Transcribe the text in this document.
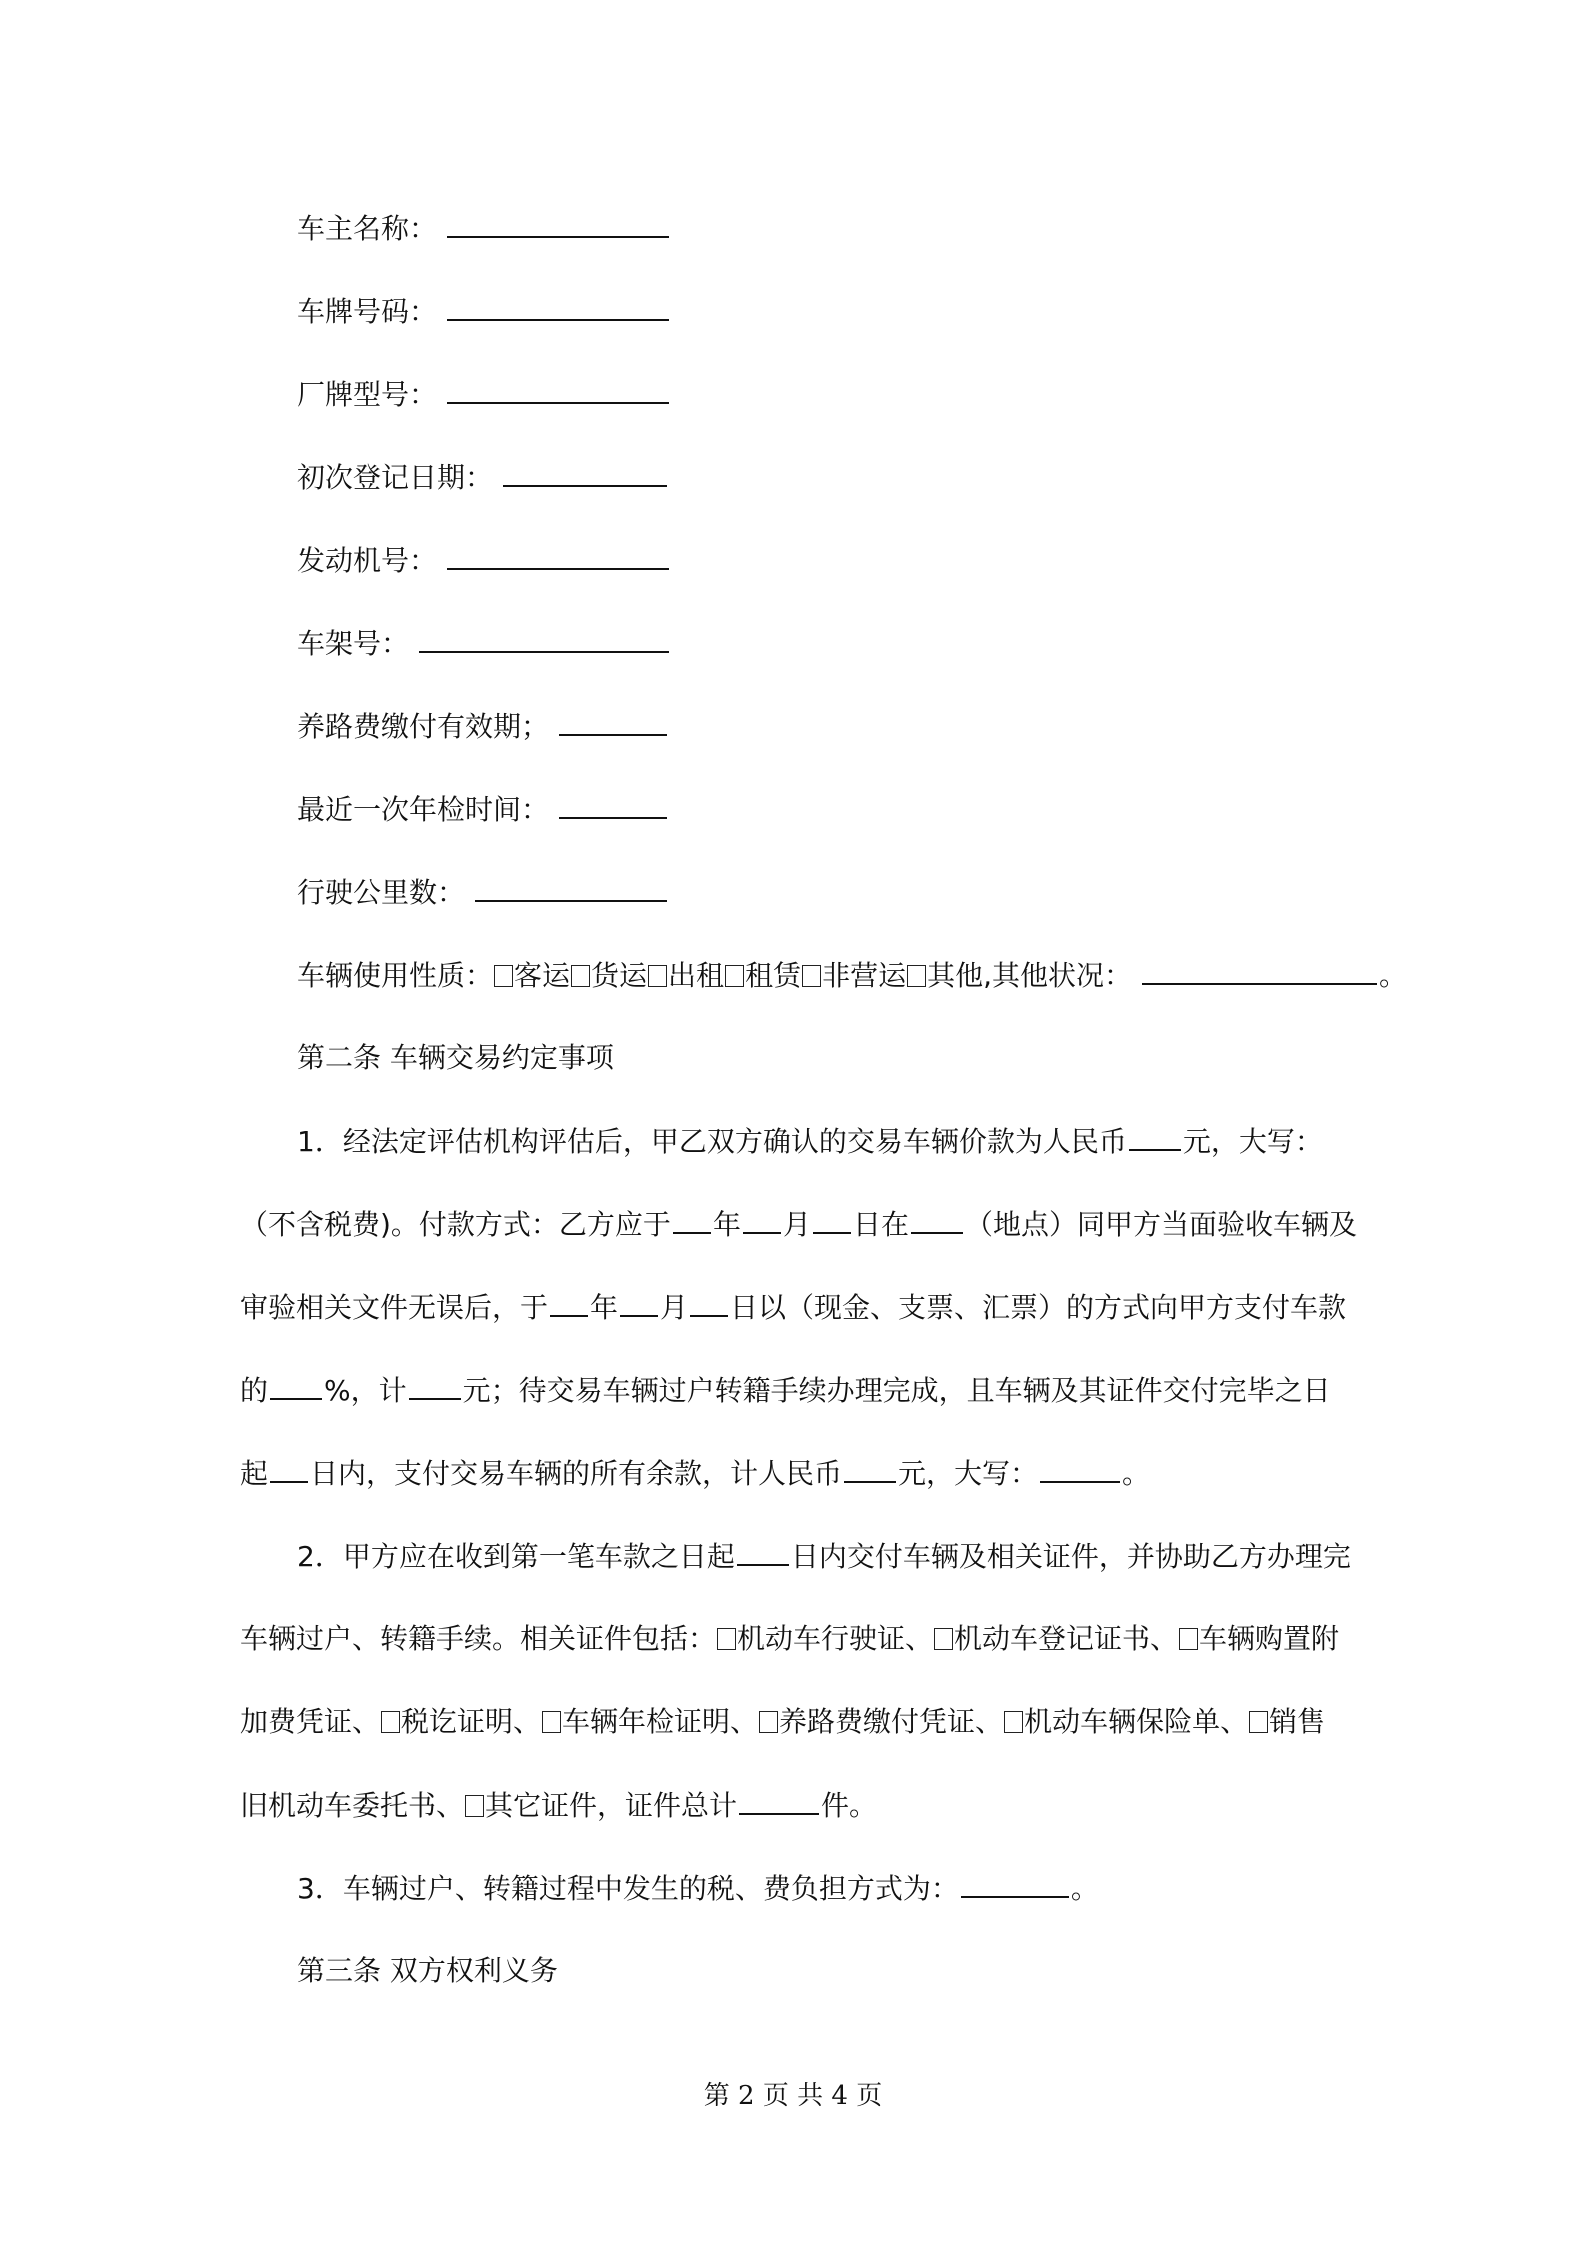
车主名称：
车牌号码：
厂牌型号：
初次登记日期：
发动机号：
车架号：
养路费缴付有效期；
最近一次年检时间：
行驶公里数：
车辆使用性质： 客运 货运 出租 租赁 非营运 其他,其他状况：	。
第二条 车辆交易约定事项
1．经法定评估机构评估后，甲乙双方确认的交易车辆价款为人民币 元，大写：
（不含税费)。付款方式：乙方应于 年 月 日在 （地点）同甲方当面验收车辆及
审验相关文件无误后，于 年 月 日以（现金、支票、汇票）的方式向甲方支付车款
的 %，计 元；待交易车辆过户转籍手续办理完成，且车辆及其证件交付完毕之日
起 日内，支付交易车辆的所有余款，计人民币 元，大写：	。
2．甲方应在收到第一笔车款之日起 日内交付车辆及相关证件，并协助乙方办理完
车辆过户、转籍手续。相关证件包括： 机动车行驶证、 机动车登记证书、 车辆购置附
加费凭证、 税讫证明、 车辆年检证明、 养路费缴付凭证、 机动车辆保险单、 销售
旧机动车委托书、 其它证件，证件总计	件。
3．车辆过户、转籍过程中发生的税、费负担方式为：	。
第三条 双方权利义务
第 2 页 共 4 页
